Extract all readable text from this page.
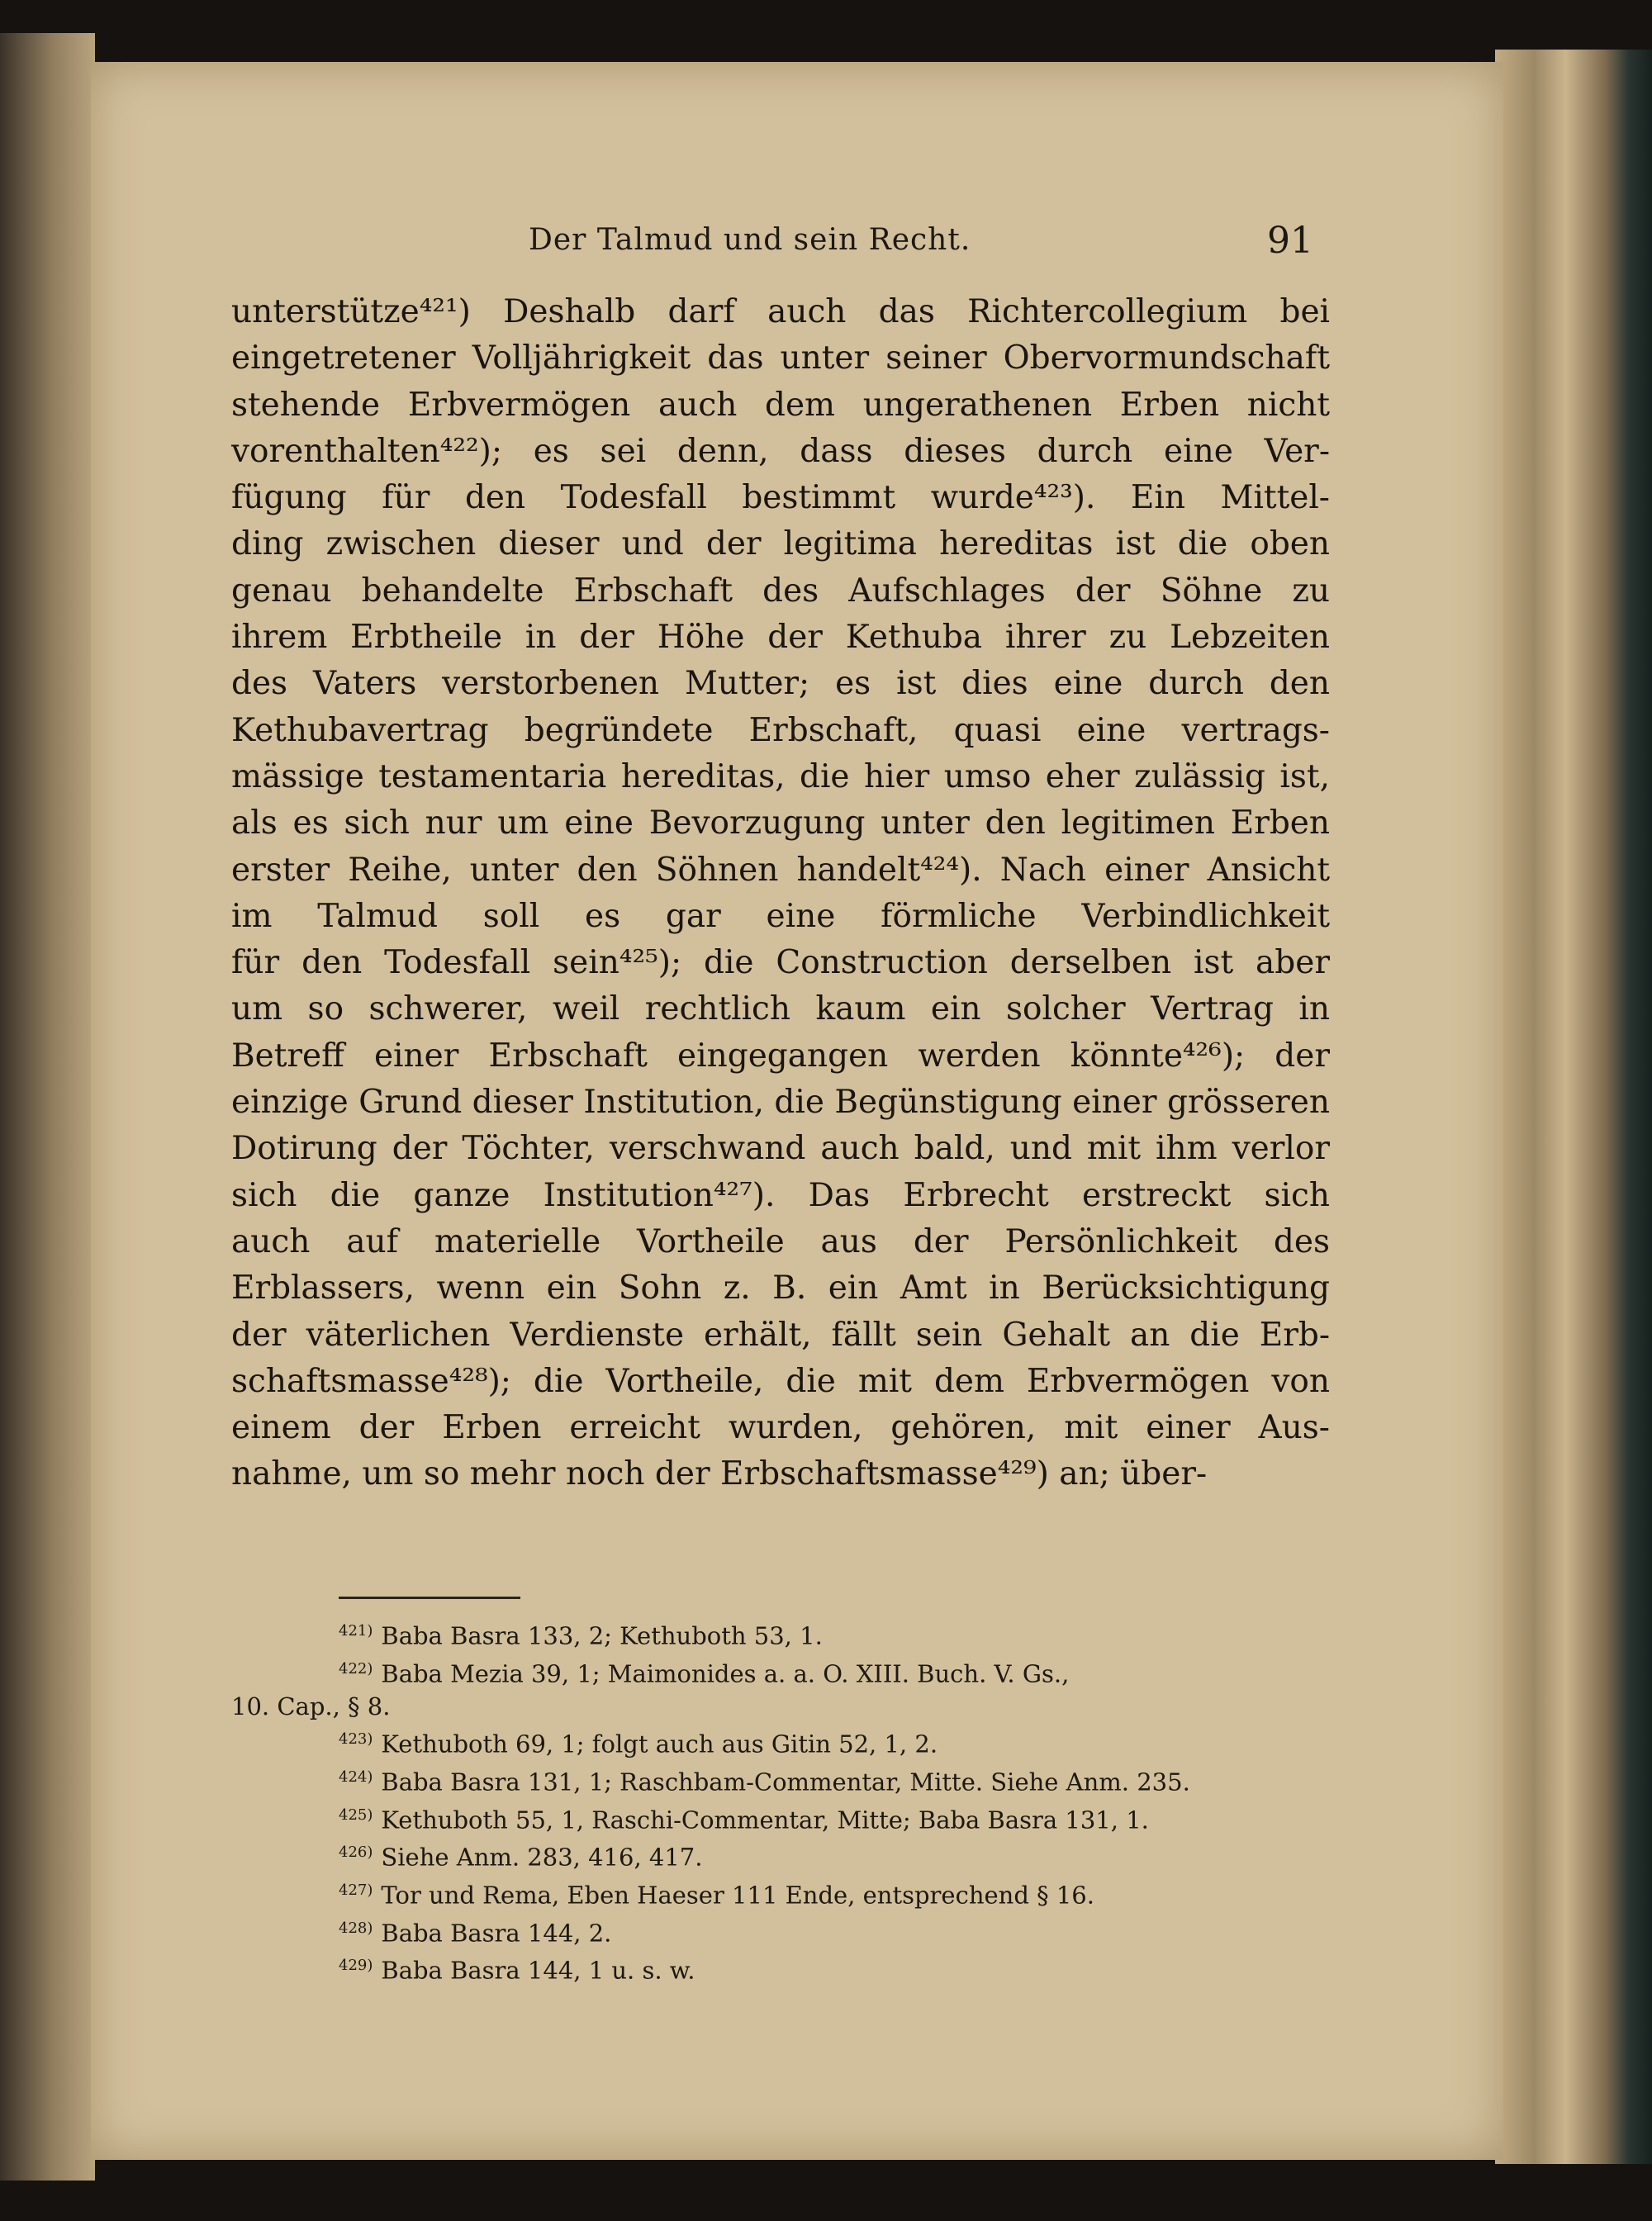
Der Talmud und sein Recht.	91
unterstütze⁴²¹) Deshalb darf auch das Richtercollegium bei
eingetretener Volljährigkeit das unter seiner Obervormundschaft
stehende Erbvermögen auch dem ungerathenen Erben nicht
vorenthalten⁴²²); es sei denn, dass dieses durch eine Ver-
fügung für den Todesfall bestimmt wurde⁴²³). Ein Mittel-
ding zwischen dieser und der legitima hereditas ist die oben
genau behandelte Erbschaft des Aufschlages der Söhne zu
ihrem Erbtheile in der Höhe der Kethuba ihrer zu Lebzeiten
des Vaters verstorbenen Mutter; es ist dies eine durch den
Kethubavertrag begründete Erbschaft, quasi eine vertrags-
mässige testamentaria hereditas, die hier umso eher zulässig ist,
als es sich nur um eine Bevorzugung unter den legitimen Erben
erster Reihe, unter den Söhnen handelt⁴²⁴). Nach einer Ansicht
im Talmud soll es gar eine förmliche Verbindlichkeit
für den Todesfall sein⁴²⁵); die Construction derselben ist aber
um so schwerer, weil rechtlich kaum ein solcher Vertrag in
Betreff einer Erbschaft eingegangen werden könnte⁴²⁶); der
einzige Grund dieser Institution, die Begünstigung einer grösseren
Dotirung der Töchter, verschwand auch bald, und mit ihm verlor
sich die ganze Institution⁴²⁷). Das Erbrecht erstreckt sich
auch auf materielle Vortheile aus der Persönlichkeit des
Erblassers, wenn ein Sohn z. B. ein Amt in Berücksichtigung
der väterlichen Verdienste erhält, fällt sein Gehalt an die Erb-
schaftsmasse⁴²⁸); die Vortheile, die mit dem Erbvermögen von
einem der Erben erreicht wurden, gehören, mit einer Aus-
nahme, um so mehr noch der Erbschaftsmasse⁴²⁹) an; über-
$^{421)}$ Baba Basra 133, 2; Kethuboth 53, 1.
$^{422)}$ Baba Mezia 39, 1; Maimonides a. a. O. XIII. Buch. V. Gs.,
10. Cap., § 8.
$^{423)}$ Kethuboth 69, 1; folgt auch aus Gitin 52, 1, 2.
$^{424)}$ Baba Basra 131, 1; Raschbam-Commentar, Mitte. Siehe Anm. 235.
$^{425)}$ Kethuboth 55, 1, Raschi-Commentar, Mitte; Baba Basra 131, 1.
$^{426)}$ Siehe Anm. 283, 416, 417.
$^{427)}$ Tor und Rema, Eben Haeser 111 Ende, entsprechend § 16.
$^{428)}$ Baba Basra 144, 2.
$^{429)}$ Baba Basra 144, 1 u. s. w.
